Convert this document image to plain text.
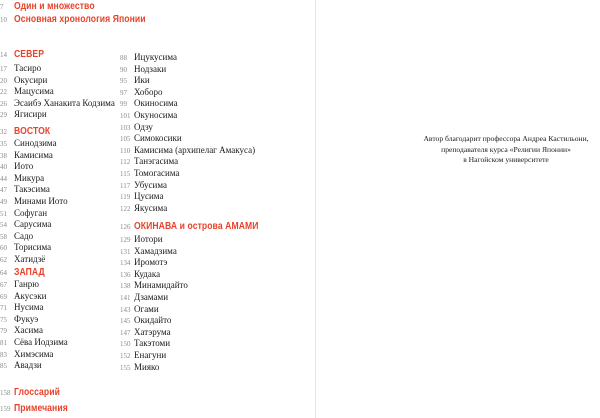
7	Один и множество
10 Основная хронология Японии
14 СЕВЕР
17 Тасиро
20 Окусири
22 Мацусима
26 Эсаибэ Ханакита Кодзима
29 Ягисири
32 ВОСТОК
35 Синодзима
38 Камисима
40 Иото
44 Микура
47 Такэсима
49 Минами Иото
51 Софуган
54 Сарусима
58 Садо
60 Торисима
62 Хатидзё
64 ЗАПАД
67 Ганрю
69 Акусэки
71 Нусима
75 Фукуэ
79 Хасима
81 Сёва Иодзима
83 Химэсима
85 Авадзи
88 Ицукусима
90 Нодзаки
95 Ики
97 Хоборо
99 Окиносима
101 Окуносима
103 Одзу
105 Симокосики
110 Камисима (архипелаг Амакуса)
112 Танэгасима
115 Томогасима
117 Убусима
119 Цусима
122 Якусима
126 ОКИНАВА и острова АМАМИ
129 Иотори
131 Хамадзима
134 Иромотэ
136 Кудака
138 Минамидайто
141 Дзамами
143 Огами
145 Окидайто
147 Хатэрума
150 Такэтоми
152 Енагуни
155 Мияко
158 Глоссарий
159 Примечания
Автор благодарит профессора Андреа Кастильони,
преподавателя курса «Религии Японии»
в Нагойском университете
